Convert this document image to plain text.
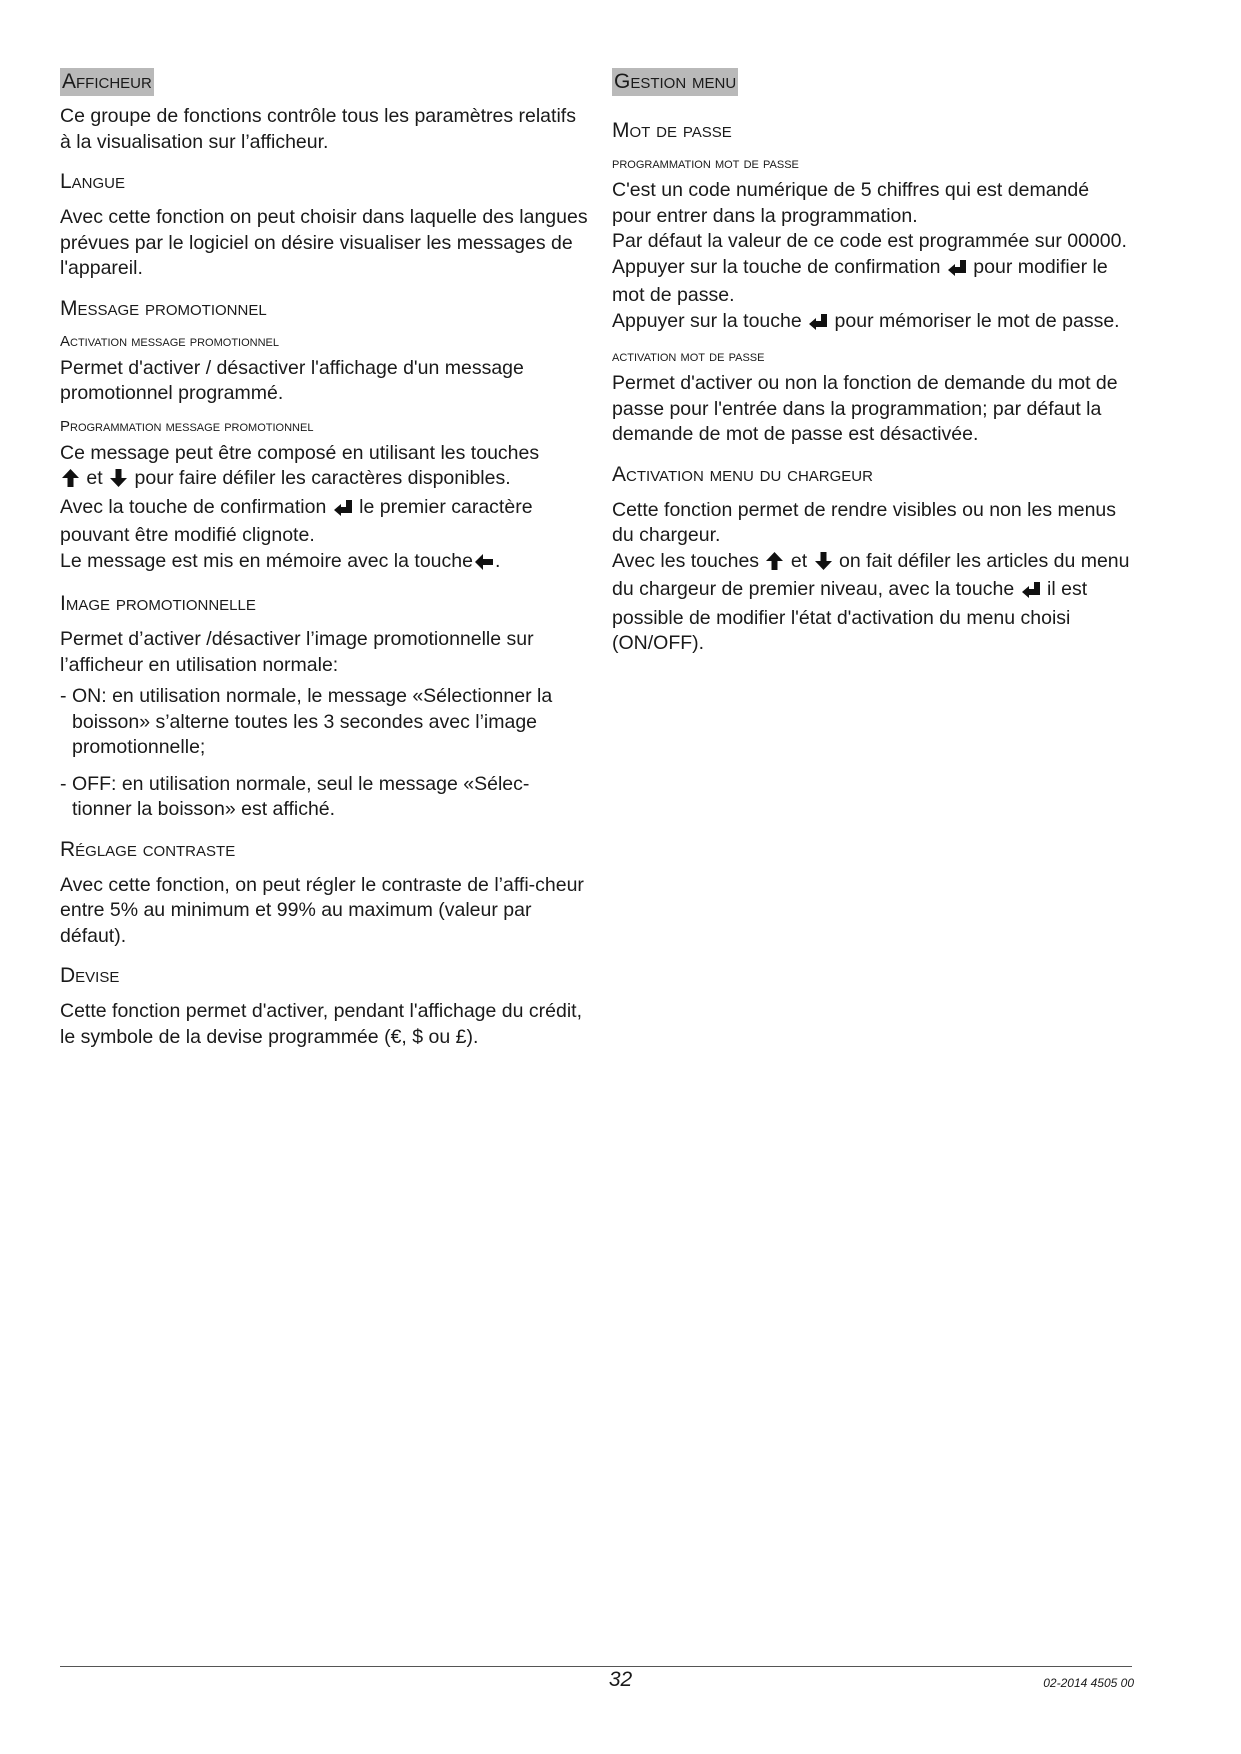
Afficheur

Ce groupe de fonctions contrôle tous les paramètres relatifs à la visualisation sur l’afficheur.

Langue

Avec cette fonction on peut choisir dans laquelle des langues prévues par le logiciel on désire visualiser les messages de l'appareil.

Message promotionnel
Activation message promotionnel

Permet d'activer / désactiver l'affichage d'un message promotionnel programmé.

Programmation message promotionnel

Ce message peut être composé en utilisant les touches
et pour faire défiler les caractères disponibles.
Avec la touche de confirmation le premier caractère pouvant être modifié clignote.
Le message est mis en mémoire avec la touche .

Image promotionnelle

Permet d’activer /désactiver l’image promotionnelle sur l’afficheur en utilisation normale:

- ON: en utilisation normale, le message «Sélectionner la boisson» s’alterne toutes les 3 secondes avec l’image promotionnelle;
- OFF: en utilisation normale, seul le message «Sélec-tionner la boisson» est affiché.
Réglage contraste

Avec cette fonction, on peut régler le contraste de l’affi-cheur entre 5% au minimum et 99% au maximum (valeur par défaut).

Devise

Cette fonction permet d'activer, pendant l'affichage du crédit, le symbole de la devise programmée (€, $ ou £).

Gestion menu
Mot de passe
programmation mot de passe

C'est un code numérique de 5 chiffres qui est demandé pour entrer dans la programmation.
Par défaut la valeur de ce code est programmée sur 00000.
Appuyer sur la touche de confirmation pour modifier le mot de passe.
Appuyer sur la touche pour mémoriser le mot de passe.

activation mot de passe

Permet d'activer ou non la fonction de demande du mot de passe pour l'entrée dans la programmation; par défaut la demande de mot de passe est désactivée.

Activation menu du chargeur

Cette fonction permet de rendre visibles ou non les menus du chargeur.
Avec les touches et on fait défiler les articles du menu du chargeur de premier niveau, avec la touche il est possible de modifier l'état d'activation du menu choisi (ON/OFF).

32	02-2014 4505 00
